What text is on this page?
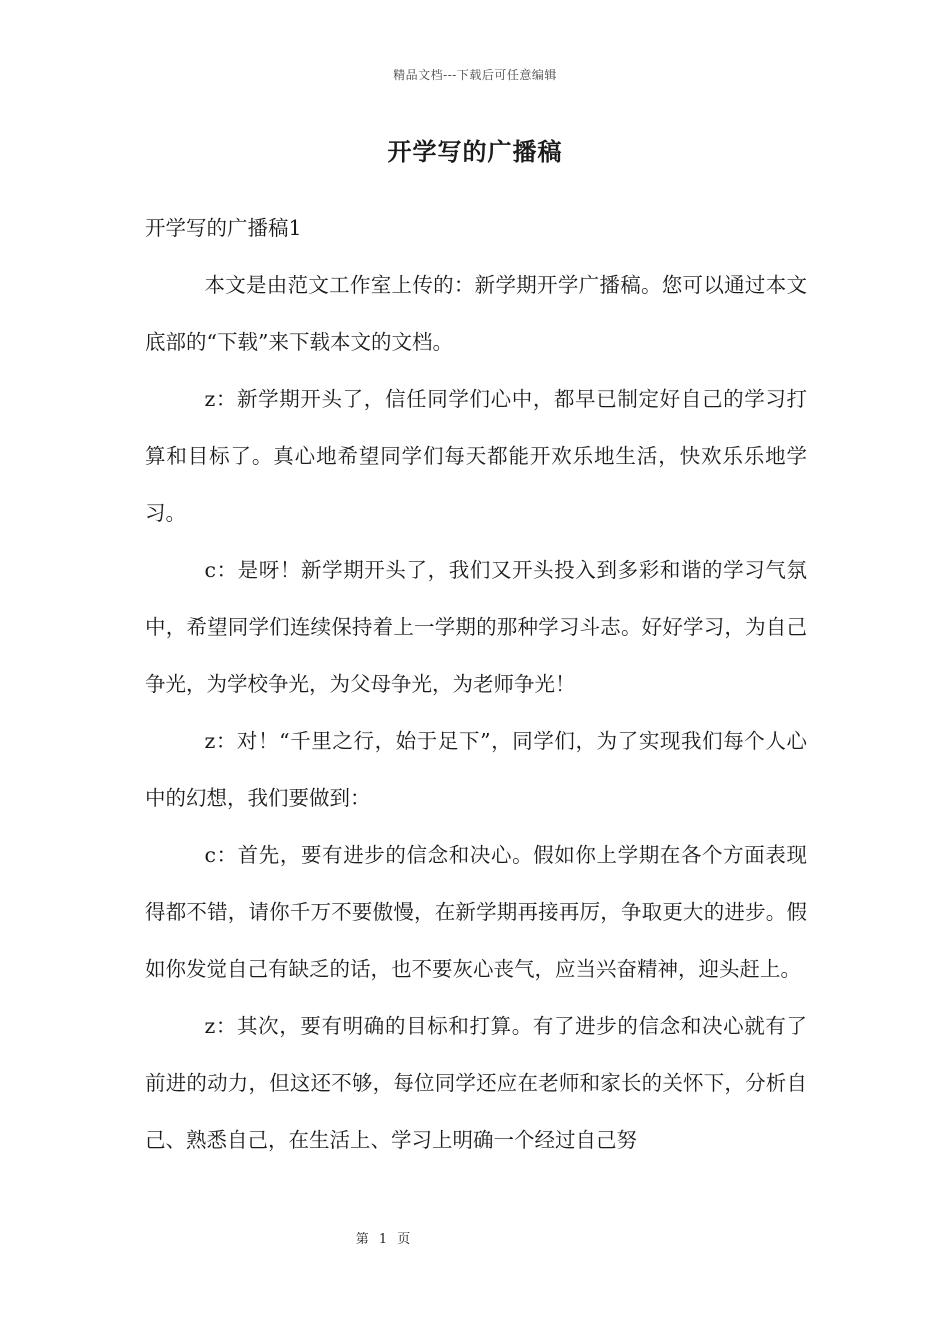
精品文档---下载后可任意编辑
开学写的广播稿

开学写的广播稿1

本文是由范文工作室上传的：新学期开学广播稿。您可以通过本文底部的“下载”来下载本文的文档。

z：新学期开头了，信任同学们心中，都早已制定好自己的学习打算和目标了。真心地希望同学们每天都能开欢乐地生活，快欢乐乐地学习。

c：是呀！新学期开头了，我们又开头投入到多彩和谐的学习气氛中，希望同学们连续保持着上一学期的那种学习斗志。好好学习，为自己争光，为学校争光，为父母争光，为老师争光！

z：对！“千里之行，始于足下”，同学们，为了实现我们每个人心中的幻想，我们要做到：

c：首先，要有进步的信念和决心。假如你上学期在各个方面表现得都不错，请你千万不要傲慢，在新学期再接再厉，争取更大的进步。假如你发觉自己有缺乏的话，也不要灰心丧气，应当兴奋精神，迎头赶上。

z：其次，要有明确的目标和打算。有了进步的信念和决心就有了前进的动力，但这还不够，每位同学还应在老师和家长的关怀下，分析自己、熟悉自己，在生活上、学习上明确一个经过自己努

第 1 页
